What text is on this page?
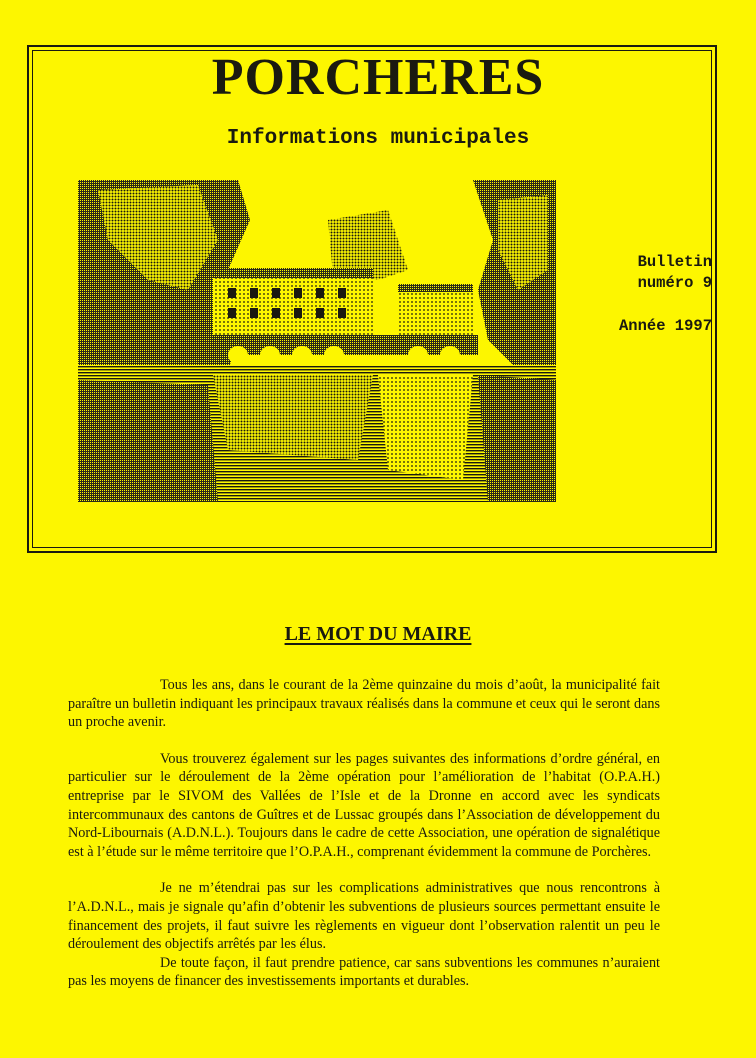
PORCHERES
Informations municipales
Bulletin
numéro 9
Année 1997
LE MOT DU MAIRE

Tous les ans, dans le courant de la 2ème quinzaine du mois d’août, la municipalité fait paraître un bulletin indiquant les principaux travaux réalisés dans la commune et ceux qui le seront dans un proche avenir.

Vous trouverez également sur les pages suivantes des informations d’ordre général, en particulier sur le déroulement de la 2ème opération pour l’amélioration de l’habitat (O.P.A.H.) entreprise par le SIVOM des Vallées de l’Isle et de la Dronne en accord avec les syndicats intercommunaux des cantons de Guîtres et de Lussac groupés dans l’Association de développement du Nord-Libournais (A.D.N.L.). Toujours dans le cadre de cette Association, une opération de signalétique est à l’étude sur le même territoire que l’O.P.A.H., comprenant évidemment la commune de Porchères.

Je ne m’étendrai pas sur les complications administratives que nous rencontrons à l’A.D.N.L., mais je signale qu’afin d’obtenir les subventions de plusieurs sources permettant ensuite le financement des projets, il faut suivre les règlements en vigueur dont l’observation ralentit un peu le déroulement des objectifs arrêtés par les élus.

De toute façon, il faut prendre patience, car sans subventions les communes n’auraient pas les moyens de financer des investissements importants et durables.
